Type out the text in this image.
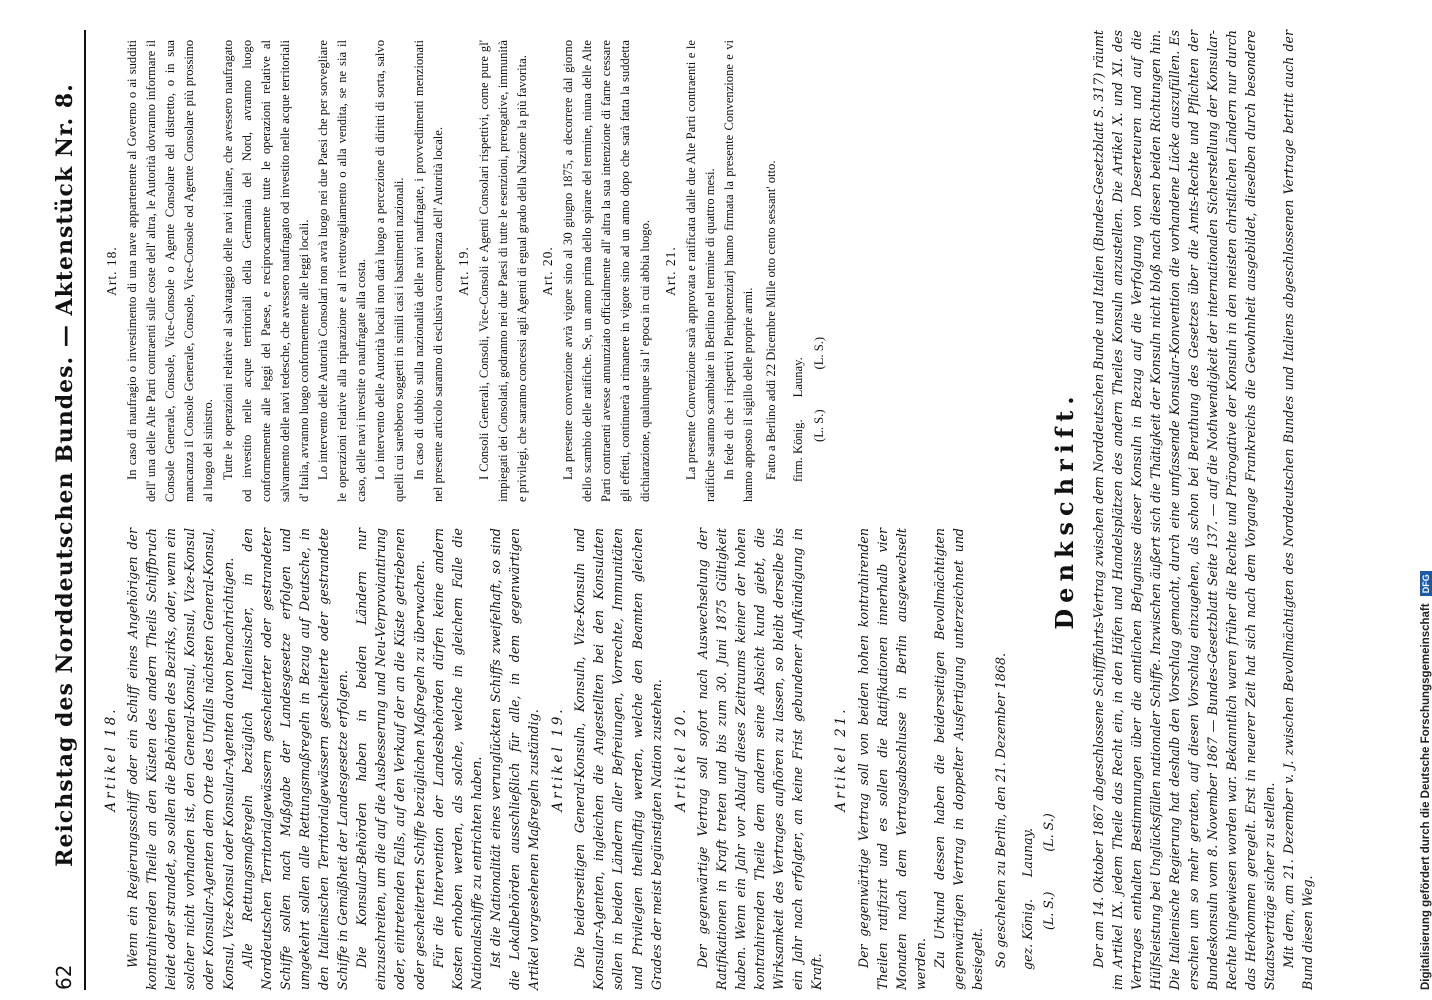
62
Reichstag des Norddeutschen Bundes. — Aktenstück Nr. 8. Artikel 18. Wenn ein Regierungsschiff oder ein Schiff eines Angehörigen der kontrahirenden Theile an den Küsten des andern Theils Schiffbruch leidet oder strandet, so sollen die Behörden des Bezirks, oder, wenn ein solcher nicht vorhanden ist, den General-Konsul, Konsul, Vize-Konsul oder Konsular-Agenten dem Orte des Unfalls nächsten General-Konsul, Konsul, Vize-Konsul oder Konsular-Agenten davon benachrichtigen. Alle Rettungsmaßregeln bezüglich Italienischer, in den Norddeutschen Territorialgewässern gescheiterter oder gestrandeter Schiffe sollen nach Maßgabe der Landesgesetze erfolgen und umgekehrt sollen alle Rettungsmaßregeln in Bezug auf Deutsche, in den Italienischen Territorialgewässern gescheiterte oder gestrandete Schiffe in Gemäßheit der Landesgesetze erfolgen. Die Konsular-Behörden haben in beiden Ländern nur einzuschreiten, um die auf die Ausbesserung und Neu-Verproviantirung oder, eintretenden Falls, auf den Verkauf der an die Küste getriebenen oder gescheiterten Schiffe bezüglichen Maßregeln zu überwachen. Für die Intervention der Landesbehörden dürfen keine andern Kosten erhoben werden, als solche, welche in gleichem Falle die Nationalschiffe zu entrichten haben. Ist die Nationalität eines verunglückten Schiffs zweifelhaft, so sind die Lokalbehörden ausschließlich für alle, in dem gegenwärtigen Artikel vorgesehenen Maßregeln zuständig. Artikel 19. Die beiderseitigen General-Konsuln, Konsuln, Vize-Konsuln und Konsular-Agenten, ingleichen die Angestellten bei den Konsulaten sollen in beiden Ländern aller Befreiungen, Vorrechte, Immunitäten und Privilegien theilhaftig werden, welche den Beamten gleichen Grades der meist begünstigten Nation zustehen. Artikel 20. Der gegenwärtige Vertrag soll sofort nach Auswechselung der Ratifikationen in Kraft treten und bis zum 30. Juni 1875 Gültigkeit haben. Wenn ein Jahr vor Ablauf dieses Zeitraums keiner der hohen kontrahirenden Theile dem andern seine Absicht kund giebt, die Wirksamkeit des Vertrages aufhören zu lassen, so bleibt derselbe bis ein Jahr nach erfolgter, an keine Frist gebundener Aufkündigung in Kraft.

Artikel 21. Der gegenwärtige Vertrag soll von beiden hohen kontrahirenden Theilen ratifizirt und es sollen die Ratifikationen innerhalb vier Monaten nach dem Vertragsabschlusse in Berlin ausgewechselt werden. Zu Urkund dessen haben die beiderseitigen Bevollmächtigten gegenwärtigen Vertrag in doppelter Ausfertigung unterzeichnet und besiegelt. So geschehen zu Berlin, den 21. Dezember 1868. gez. König.Launay.
(L. S.)(L. S.)
Art. 18. In caso di naufragio o investimento di una nave appartenente al Governo o ai sudditi dell' una delle Alte Parti contraenti sulle coste dell' altra, le Autorità dovranno informare il Console Generale, Console, Vice-Console o Agente Consolare del distretto, o in sua mancanza il Console Generale, Console, Vice-Console od Agente Consolare più prossimo al luogo del sinistro. Tutte le operazioni relative al salvataggio delle navi italiane, che avessero naufragato od investito nelle acque territoriali della Germania del Nord, avranno luogo conformemente alle leggi del Paese, e reciprocamente tutte le operazioni relative al salvamento delle navi tedesche, che avessero naufragato od investito nelle acque territoriali d' Italia, avranno luogo conformemente alle leggi locali. Lo intervento delle Autorità Consolari non avrà luogo nei due Paesi che per sorvegliare le operazioni relative alla riparazione e al rivettovagliamento o alla vendita, se ne sia il caso, delle navi investite o naufragate alla costa. Lo intervento delle Autorità locali non darà luogo a percezione di diritti di sorta, salvo quelli cui sarebbero soggetti in simili casi i bastimenti nazionali. In caso di dubbio sulla nazionalità delle navi naufragate, i provvedimenti menzionati nel presente articolo saranno di esclusiva competenza dell' Autorità locale. Art. 19. I Consoli Generali, Consoli, Vice-Consoli e Agenti Consolari rispettivi, come pure gl' impiegati dei Consolati, godranno nei due Paesi di tutte le esenzioni, prerogative, immunità e privilegi, che saranno concessi agli Agenti di egual grado della Nazione la più favorita. Art. 20. La presente convenzione avrà vigore sino al 30 giugno 1875, a decorrere dal giorno dello scambio delle ratifiche. Se, un anno prima dello spirare del termine, niuna delle Alte Parti contraenti avesse annunziato officialmente all' altra la sua intenzione di farne cessare gli effetti, continuerà a rimanere in vigore sino ad un anno dopo che sarà fatta la suddetta dichiarazione, qualunque sia l' epoca in cui abbia luogo. Art. 21. La presente Convenzione sarà approvata e ratificata dalle due Alte Parti contraenti e le ratifiche saranno scambiate in Berlino nel termine di quattro mesi. In fede di che i rispettivi Plenipotenziarj hanno firmata la presente Convenzione e vi hanno apposto il sigillo delle proprie armi. Fatto a Berlino addì 22 Dicembre Mille otto cento sessant' otto. firm. König.Launay.
(L. S.)(L. S.)
Denkschrift. Der am 14. Oktober 1867 abgeschlossene Schifffahrts-Vertrag zwischen dem Norddeutschen Bunde und Italien (Bundes-Gesetzblatt S. 317) räumt im Artikel IX. jedem Theile das Recht ein, in den Häfen und Handelsplätzen des andern Theiles Konsuln anzustellen. Die Artikel X. und XI. des Vertrages enthalten Bestimmungen über die amtlichen Befugnisse dieser Konsuln in Bezug auf die Verfolgung von Deserteuren und auf die Hülfsleistung bei Unglücksfällen nationaler Schiffe. Inzwischen äußert sich die Thätigkeit der Konsuln nicht bloß nach diesen beiden Richtungen hin. Die Italienische Regierung hat deshalb den Vorschlag gemacht, durch eine umfassende Konsular-Konvention die vorhandene Lücke auszufüllen. Es erschien um so mehr geraten, auf diesen Vorschlag einzugehen, als schon bei Berathung des Gesetzes über die Amts-Rechte und Pflichten der Bundeskonsuln vom 8. November 1867 — Bundes-Gesetzblatt Seite 137. — auf die Nothwendigkeit der internationalen Sicherstellung der Konsular-Rechte hingewiesen worden war. Bekanntlich waren früher die Rechte und Prärogative der Konsuln in den meisten christlichen Ländern nur durch das Herkommen geregelt. Erst in neuerer Zeit hat sich nach dem Vorgange Frankreichs die Gewohnheit ausgebildet, dieselben durch besondere Staatsverträge sicher zu stellen. Mit dem, am 21. Dezember v. J. zwischen Bevollmächtigten des Norddeutschen Bundes und Italiens abgeschlossenen Vertrage betritt auch der Bund diesen Weg.	Digitalisierung gefördert durch die Deutsche Forschungsgemeinschaft DFG
